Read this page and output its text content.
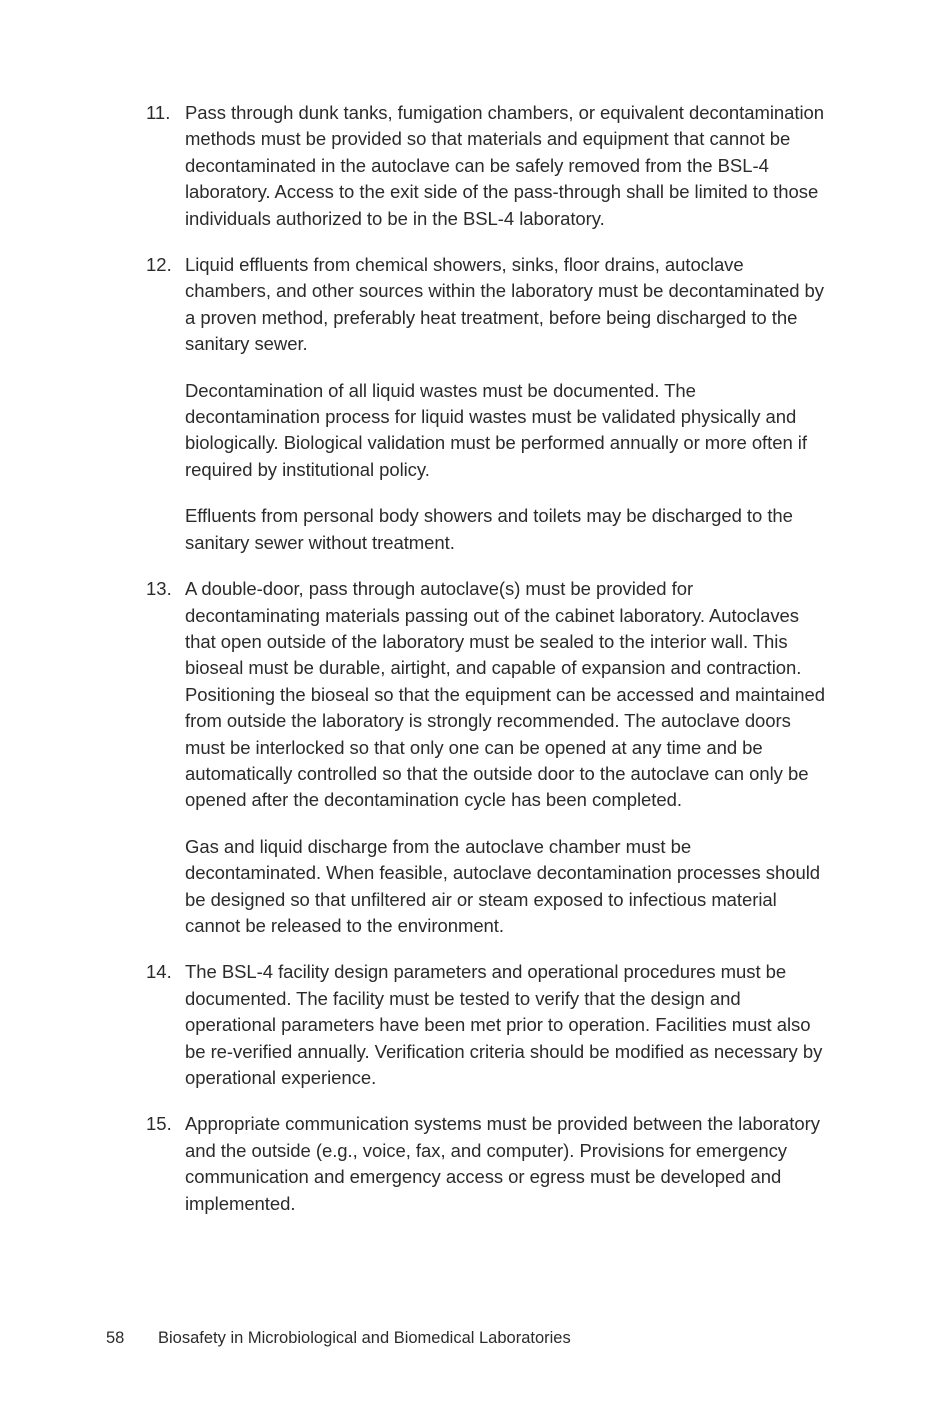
11. Pass through dunk tanks, fumigation chambers, or equivalent decontamination methods must be provided so that materials and equipment that cannot be decontaminated in the autoclave can be safely removed from the BSL-4 laboratory. Access to the exit side of the pass-through shall be limited to those individuals authorized to be in the BSL-4 laboratory.

12. Liquid effluents from chemical showers, sinks, floor drains, autoclave chambers, and other sources within the laboratory must be decontaminated by a proven method, preferably heat treatment, before being discharged to the sanitary sewer.

Decontamination of all liquid wastes must be documented. The decontamination process for liquid wastes must be validated physically and biologically. Biological validation must be performed annually or more often if required by institutional policy.

Effluents from personal body showers and toilets may be discharged to the sanitary sewer without treatment.

13. A double-door, pass through autoclave(s) must be provided for decontaminating materials passing out of the cabinet laboratory. Autoclaves that open outside of the laboratory must be sealed to the interior wall. This bioseal must be durable, airtight, and capable of expansion and contraction. Positioning the bioseal so that the equipment can be accessed and maintained from outside the laboratory is strongly recommended. The autoclave doors must be interlocked so that only one can be opened at any time and be automatically controlled so that the outside door to the autoclave can only be opened after the decontamination cycle has been completed.

Gas and liquid discharge from the autoclave chamber must be decontaminated. When feasible, autoclave decontamination processes should be designed so that unfiltered air or steam exposed to infectious material cannot be released to the environment.

14. The BSL-4 facility design parameters and operational procedures must be documented. The facility must be tested to verify that the design and operational parameters have been met prior to operation. Facilities must also be re-verified annually. Verification criteria should be modified as necessary by operational experience.

15. Appropriate communication systems must be provided between the laboratory and the outside (e.g., voice, fax, and computer). Provisions for emergency communication and emergency access or egress must be developed and implemented.

58 Biosafety in Microbiological and Biomedical Laboratories
